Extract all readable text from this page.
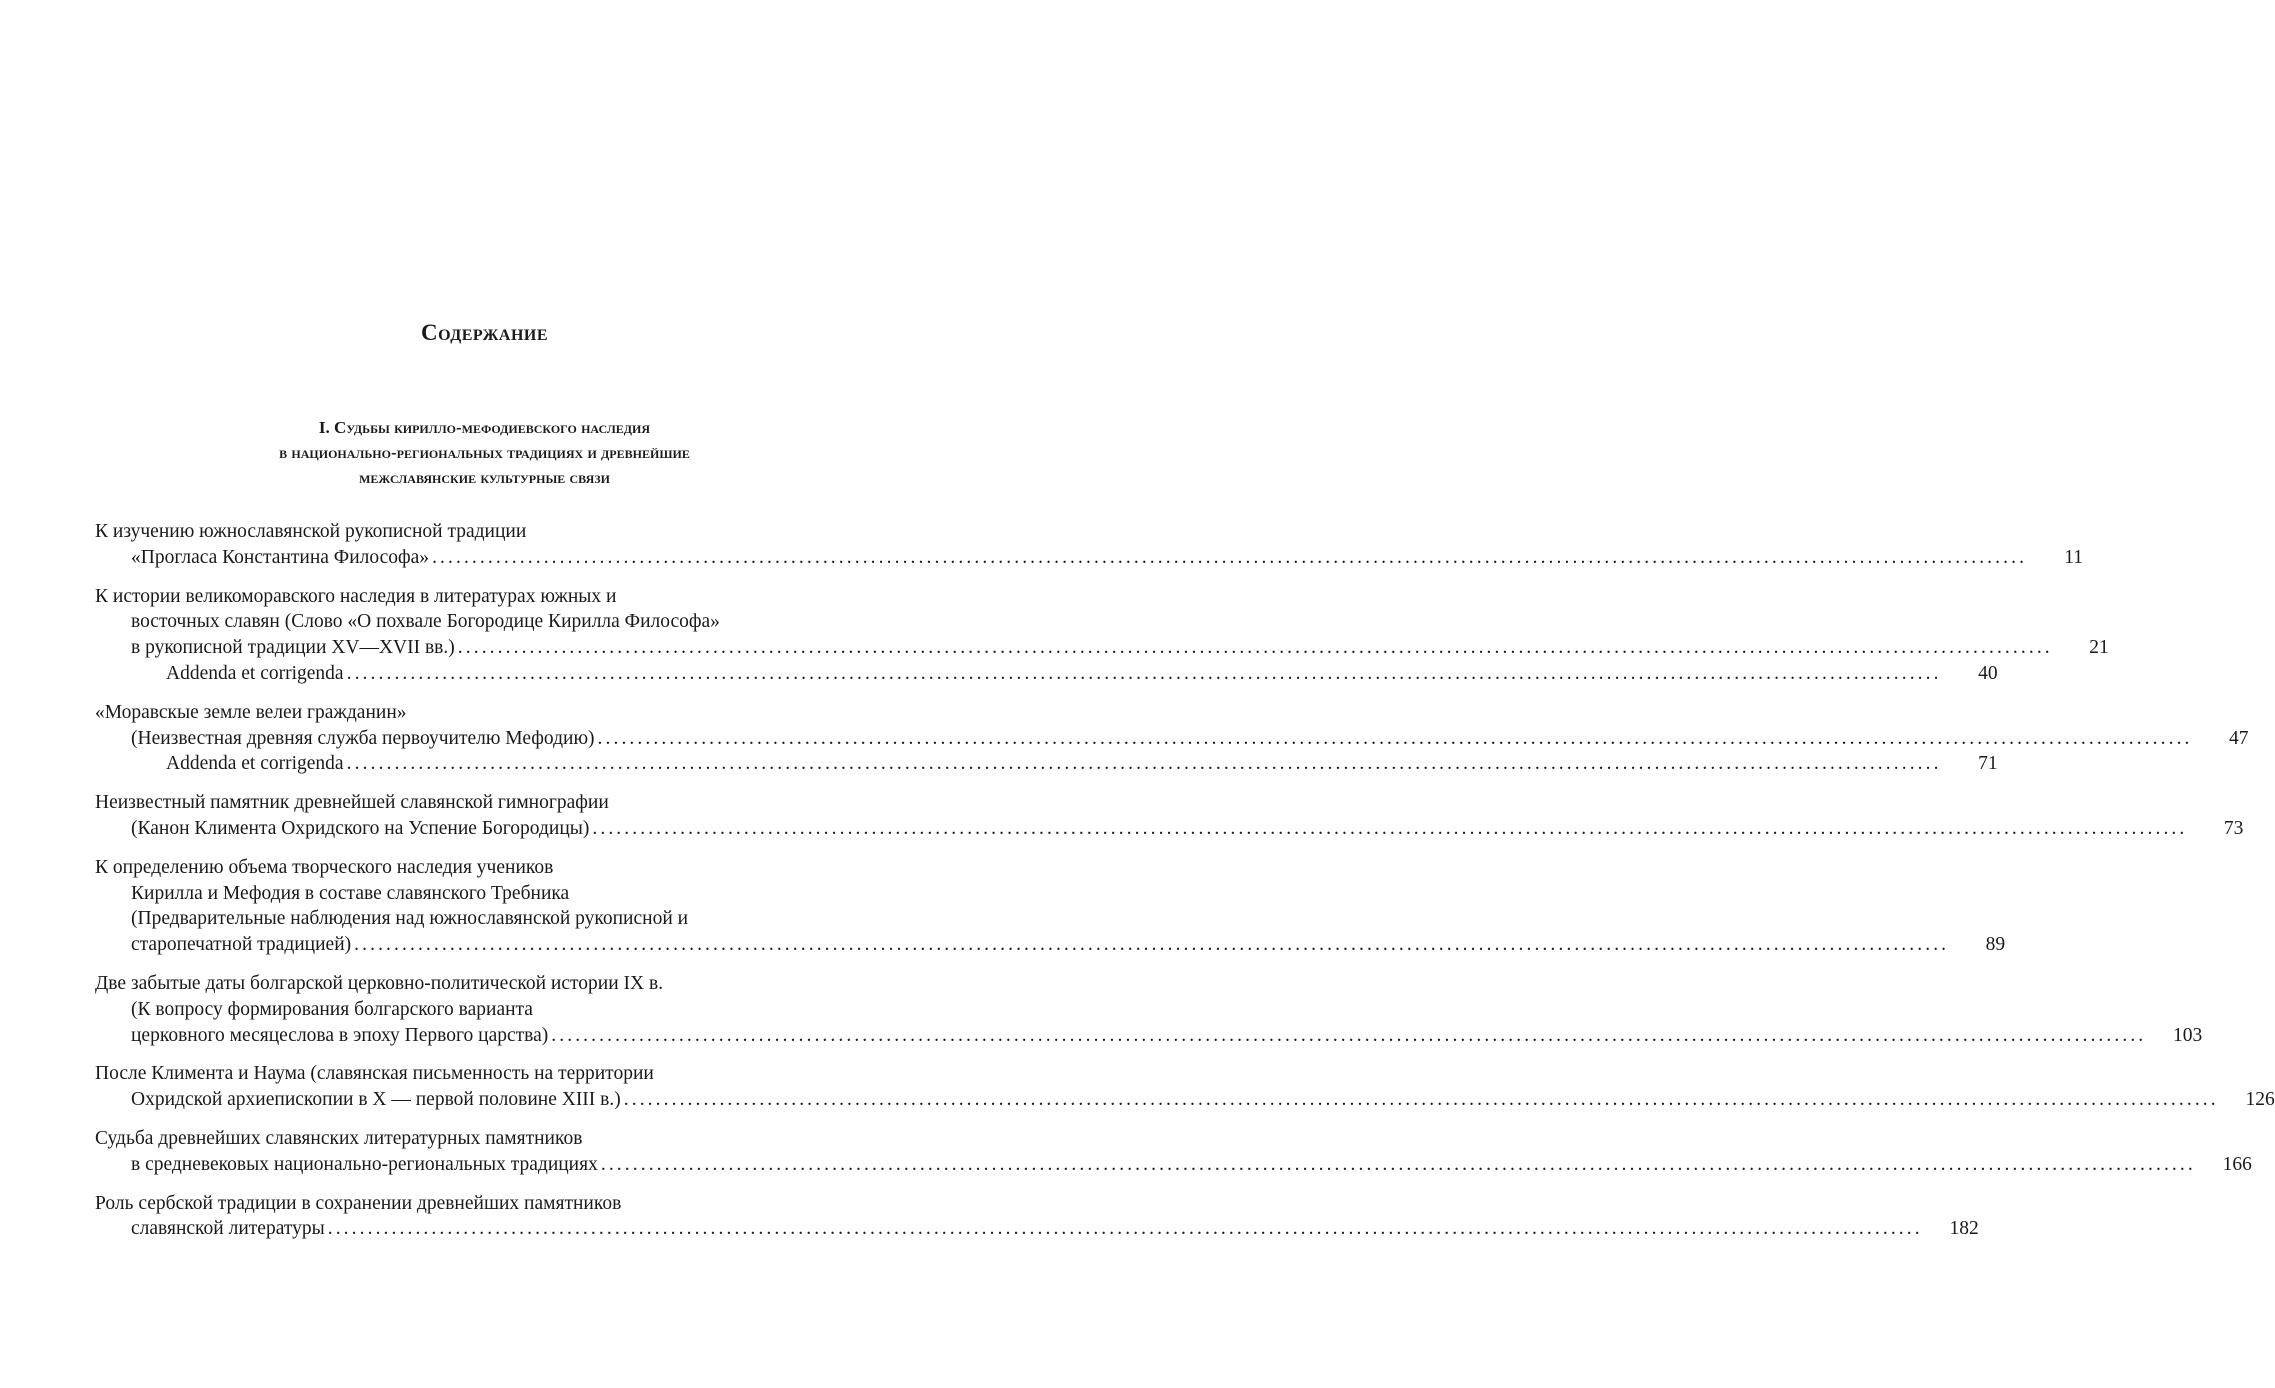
Содержание
I. Судьбы кирилло-мефодиевского наследия
в национально-региональных традициях и древнейшие
межславянские культурные связи
К изучению южнославянской рукописной традиции
«Прогласа Константина Философа» ........................................................................................................................................................................................................	11
К истории великоморавского наследия в литературах южных и
восточных славян (Слово «О похвале Богородице Кирилла Философа»
в рукописной традиции XV—XVII вв.) ........................................................................................................................................................................................................	21
Addenda et corrigenda ........................................................................................................................................................................................................	40
«Моравскые земле велеи гражданин»
(Неизвестная древняя служба первоучителю Мефодию) ........................................................................................................................................................................................................	47
Addenda et corrigenda ........................................................................................................................................................................................................	71
Неизвестный памятник древнейшей славянской гимнографии
(Канон Климента Охридского на Успение Богородицы) ........................................................................................................................................................................................................	73
К определению объема творческого наследия учеников
Кирилла и Мефодия в составе славянского Требника
(Предварительные наблюдения над южнославянской рукописной и
старопечатной традицией) ........................................................................................................................................................................................................	89
Две забытые даты болгарской церковно-политической истории IX в.
(К вопросу формирования болгарского варианта
церковного месяцеслова в эпоху Первого царства) ........................................................................................................................................................................................................	103
После Климента и Наума (славянская письменность на территории
Охридской архиепископии в X — первой половине XIII в.) ........................................................................................................................................................................................................	126
Судьба древнейших славянских литературных памятников
в средневековых национально-региональных традициях ........................................................................................................................................................................................................	166
Роль сербской традиции в сохранении древнейших памятников
славянской литературы ........................................................................................................................................................................................................	182
